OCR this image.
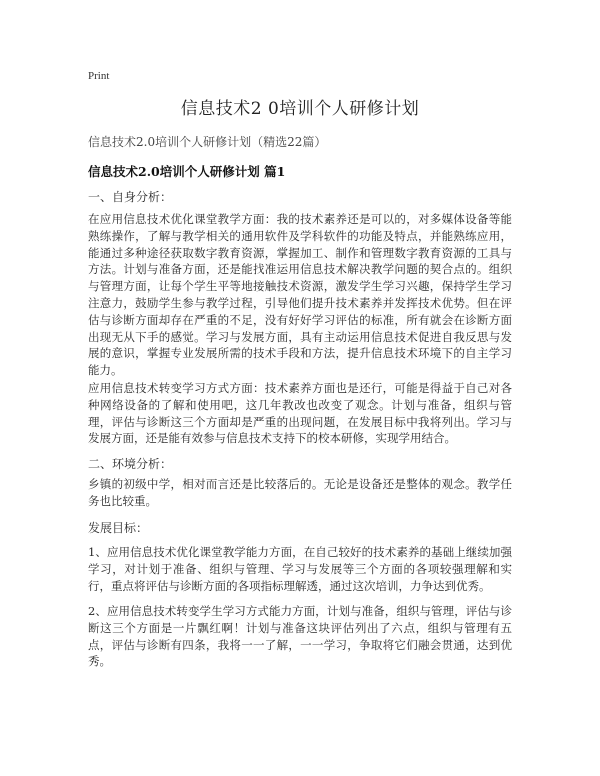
Print
信息技术2 0培训个人研修计划
信息技术2.0培训个人研修计划（精选22篇）
信息技术2.0培训个人研修计划 篇1
一、自身分析：
在应用信息技术优化课堂教学方面：我的技术素养还是可以的，对多媒体设备等能熟练操作，了解与教学相关的通用软件及学科软件的功能及特点，并能熟练应用，能通过多种途径获取数字教育资源，掌握加工、制作和管理数字教育资源的工具与方法。计划与准备方面，还是能找准运用信息技术解决教学问题的契合点的。组织与管理方面，让每个学生平等地接触技术资源，激发学生学习兴趣，保持学生学习注意力，鼓励学生参与教学过程，引导他们提升技术素养并发挥技术优势。但在评估与诊断方面却存在严重的不足，没有好好学习评估的标准，所有就会在诊断方面出现无从下手的感觉。学习与发展方面，具有主动运用信息技术促进自我反思与发展的意识，掌握专业发展所需的技术手段和方法，提升信息技术环境下的自主学习能力。
应用信息技术转变学习方式方面：技术素养方面也是还行，可能是得益于自己对各种网络设备的了解和使用吧，这几年教改也改变了观念。计划与准备，组织与管理，评估与诊断这三个方面却是严重的出现问题，在发展目标中我将列出。学习与发展方面，还是能有效参与信息技术支持下的校本研修，实现学用结合。
二、环境分析：
乡镇的初级中学，相对而言还是比较落后的。无论是设备还是整体的观念。教学任务也比较重。
发展目标：
1、应用信息技术优化课堂教学能力方面，在自己较好的技术素养的基础上继续加强学习，对计划于准备、组织与管理、学习与发展等三个方面的各项较强理解和实行，重点将评估与诊断方面的各项指标理解透，通过这次培训，力争达到优秀。
2、应用信息技术转变学生学习方式能力方面，计划与准备，组织与管理，评估与诊断这三个方面是一片飘红啊！计划与准备这块评估列出了六点，组织与管理有五点，评估与诊断有四条，我将一一了解，一一学习，争取将它们融会贯通，达到优秀。
